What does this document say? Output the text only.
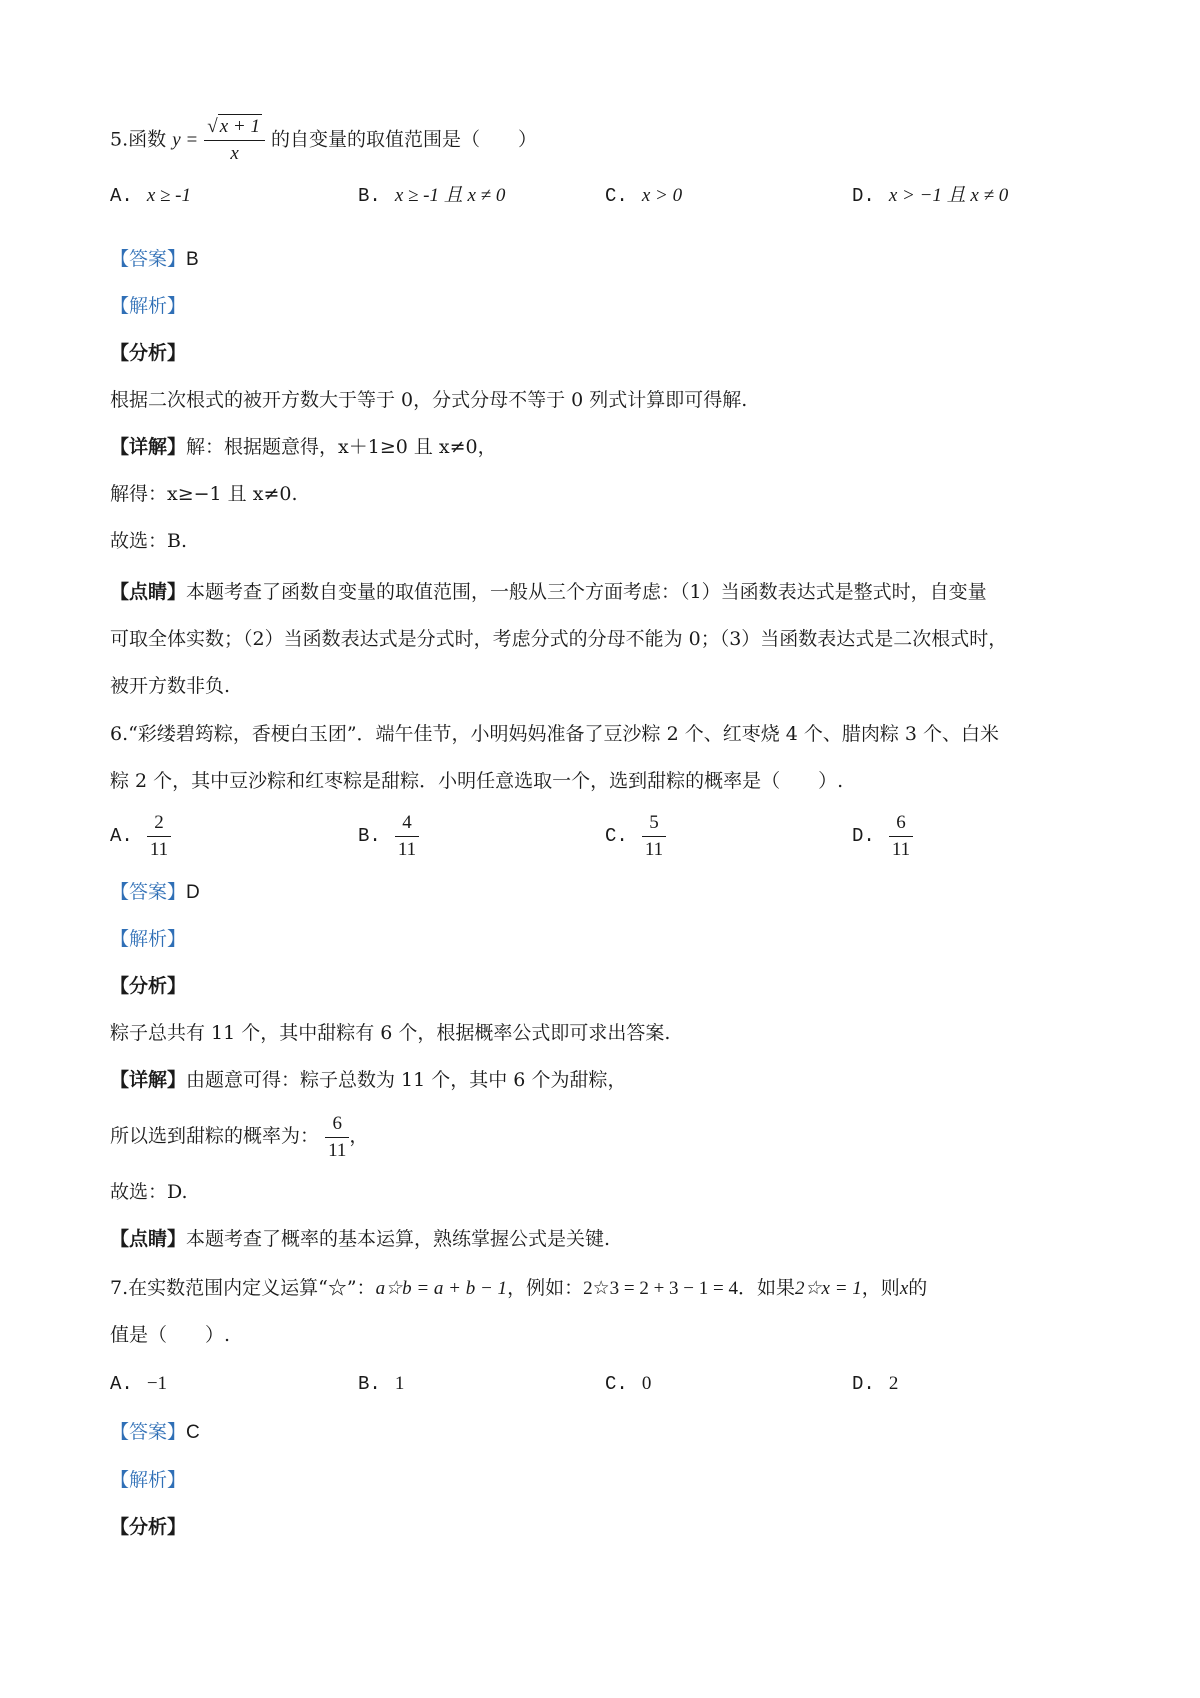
5.函数 $y = \frac{√ x + 1}{x}$ 的自变量的取值范围是（　　）
A. x ≥ -1	B. x ≥ -1 且 x ≠ 0	C. x > 0	D. x > −1 且 x ≠ 0
【答案】B
【解析】
【分析】
根据二次根式的被开方数大于等于 0，分式分母不等于 0 列式计算即可得解.
【详解】解：根据题意得，x＋1≥0 且 x≠0，
解得：x≥−1 且 x≠0.
故选：B.
【点睛】本题考查了函数自变量的取值范围，一般从三个方面考虑：（1）当函数表达式是整式时，自变量
可取全体实数；（2）当函数表达式是分式时，考虑分式的分母不能为 0；（3）当函数表达式是二次根式时，
被开方数非负.
6.“彩缕碧筠粽，香梗白玉团”．端午佳节，小明妈妈准备了豆沙粽 2 个、红枣烧 4 个、腊肉粽 3 个、白米
粽 2 个，其中豆沙粽和红枣粽是甜粽．小明任意选取一个，选到甜粽的概率是（　　）.
A. $\frac{2}{11}$	B. $\frac{4}{11}$	C. $\frac{5}{11}$	D. $\frac{6}{11}$
【答案】D
【解析】
【分析】
粽子总共有 11 个，其中甜粽有 6 个，根据概率公式即可求出答案.
【详解】由题意可得：粽子总数为 11 个，其中 6 个为甜粽，
所以选到甜粽的概率为： $\frac{6}{11}$ ，
故选：D.
【点睛】本题考查了概率的基本运算，熟练掌握公式是关键.
7.在实数范围内定义运算“☆”：a☆b = a + b − 1，例如：2☆3 = 2 + 3 − 1 = 4．如果2☆x = 1，则x的
值是（　　）.
A. −1	B. 1	C. 0	D. 2
【答案】C
【解析】
【分析】
